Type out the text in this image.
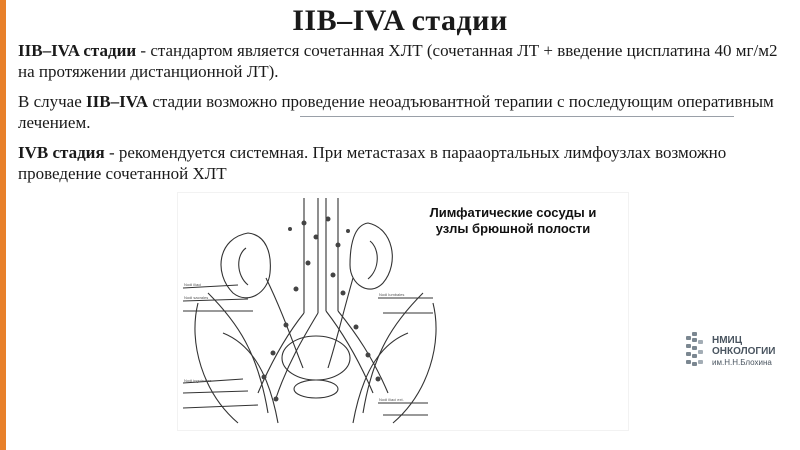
IIB–IVA стадии

IIB–IVA стадии - стандартом является сочетанная ХЛТ (сочетанная ЛТ + введение цисплатина 40 мг/м2 на протяжении дистанционной ЛТ).

В случае IIB–IVA стадии возможно проведение неоадъювантной терапии с последующим оперативным лечением.

IVB стадия - рекомендуется системная. При метастазах в парааортальных лимфоузлах возможно проведение сочетанной ХЛТ

Nodi iliaci
Nodi sacrales
Nodi inguinales
Nodi lumbales
Nodi iliaci ext.
Лимфатические сосуды и узлы брюшной полости
НМИЦ
ОНКОЛОГИИ
им.Н.Н.Блохина
